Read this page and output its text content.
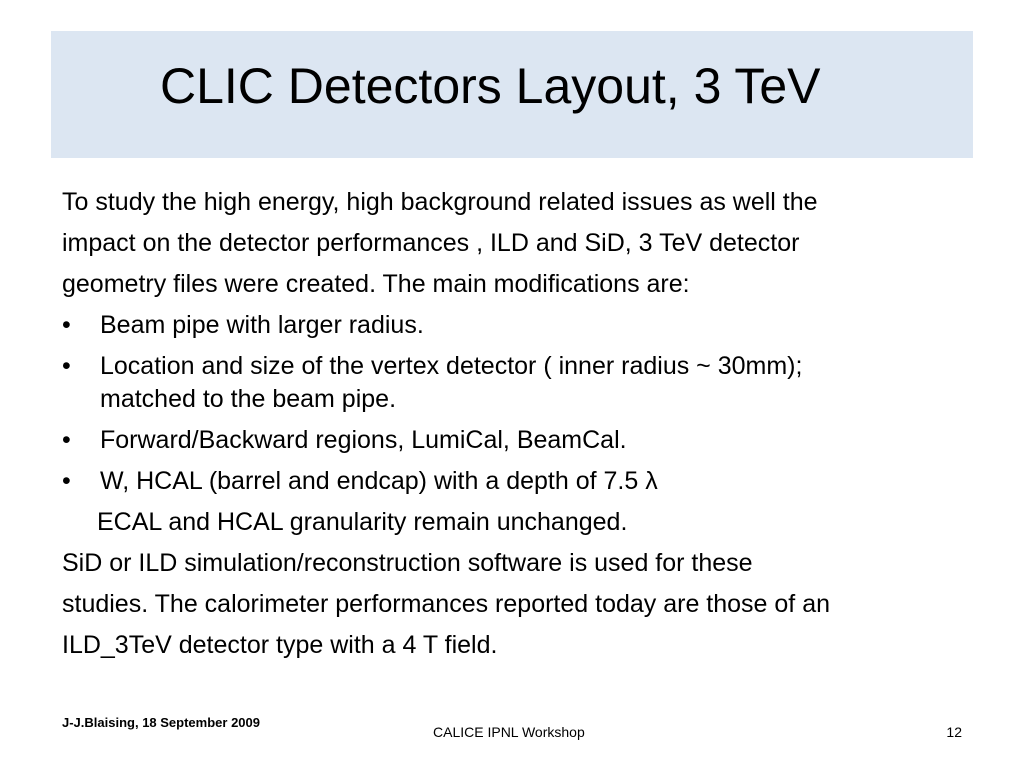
CLIC Detectors Layout, 3 TeV
To study the high energy, high background related issues as well the
impact on the detector performances , ILD and SiD, 3 TeV detector
geometry files were created. The main modifications are:
• Beam pipe with larger radius.
• Location and size of the vertex detector ( inner radius ~ 30mm);
matched to the beam pipe.
• Forward/Backward regions, LumiCal, BeamCal.
• W, HCAL (barrel and endcap) with a depth of 7.5 λ
ECAL and HCAL granularity remain unchanged.
SiD or ILD simulation/reconstruction software is used for these
studies. The calorimeter performances reported today are those of an
ILD_3TeV detector type with a 4 T field.
J-J.Blaising, 18 September 2009
CALICE IPNL Workshop	12
